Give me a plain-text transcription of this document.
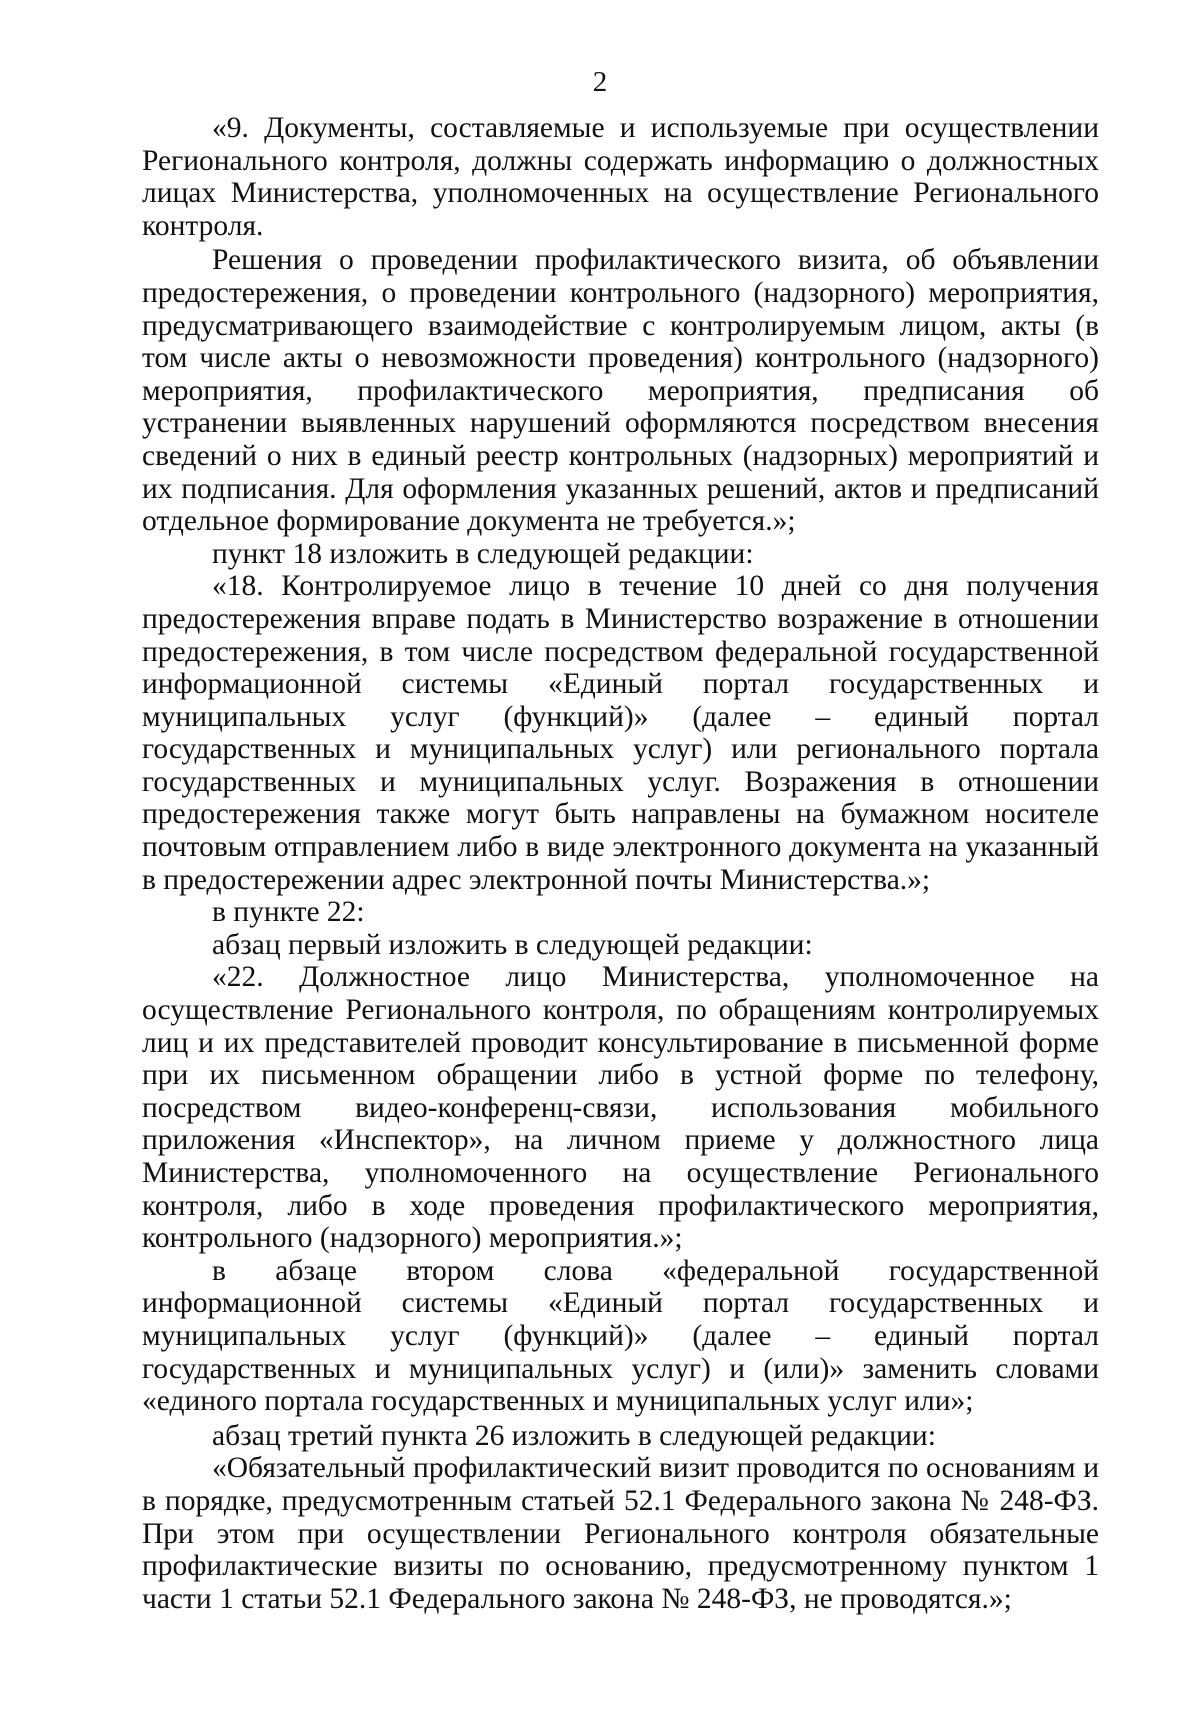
2

«9. Документы, составляемые и используемые при осуществлении Регионального контроля, должны содержать информацию о должностных лицах Министерства, уполномоченных на осуществление Регионального контроля.

Решения о проведении профилактического визита, об объявлении предостережения, о проведении контрольного (надзорного) мероприятия, предусматривающего взаимодействие с контролируемым лицом, акты (в том числе акты о невозможности проведения) контрольного (надзорного) мероприятия, профилактического мероприятия, предписания об устранении выявленных нарушений оформляются посредством внесения сведений о них в единый реестр контрольных (надзорных) мероприятий и их подписания. Для оформления указанных решений, актов и предписаний отдельное формирование документа не требуется.»;

пункт 18 изложить в следующей редакции:

«18. Контролируемое лицо в течение 10 дней со дня получения предостережения вправе подать в Министерство возражение в отношении предостережения, в том числе посредством федеральной государственной информационной системы «Единый портал государственных и муниципальных услуг (функций)» (далее – единый портал государственных и муниципальных услуг) или регионального портала государственных и муниципальных услуг. Возражения в отношении предостережения также могут быть направлены на бумажном носителе почтовым отправлением либо в виде электронного документа на указанный в предостережении адрес электронной почты Министерства.»;

в пункте 22:

абзац первый изложить в следующей редакции:

«22. Должностное лицо Министерства, уполномоченное на осуществление Регионального контроля, по обращениям контролируемых лиц и их представителей проводит консультирование в письменной форме при их письменном обращении либо в устной форме по телефону, посредством видео-конференц-связи, использования мобильного приложения «Инспектор», на личном приеме у должностного лица Министерства, уполномоченного на осуществление Регионального контроля, либо в ходе проведения профилактического мероприятия, контрольного (надзорного) мероприятия.»;

в абзаце втором слова «федеральной государственной информационной системы «Единый портал государственных и муниципальных услуг (функций)» (далее – единый портал государственных и муниципальных услуг) и (или)» заменить словами «единого портала государственных и муниципальных услуг или»;

абзац третий пункта 26 изложить в следующей редакции:

«Обязательный профилактический визит проводится по основаниям и в порядке, предусмотренным статьей 52.1 Федерального закона № 248-ФЗ. При этом при осуществлении Регионального контроля обязательные профилактические визиты по основанию, предусмотренному пунктом 1 части 1 статьи 52.1 Федерального закона № 248-ФЗ, не проводятся.»;
